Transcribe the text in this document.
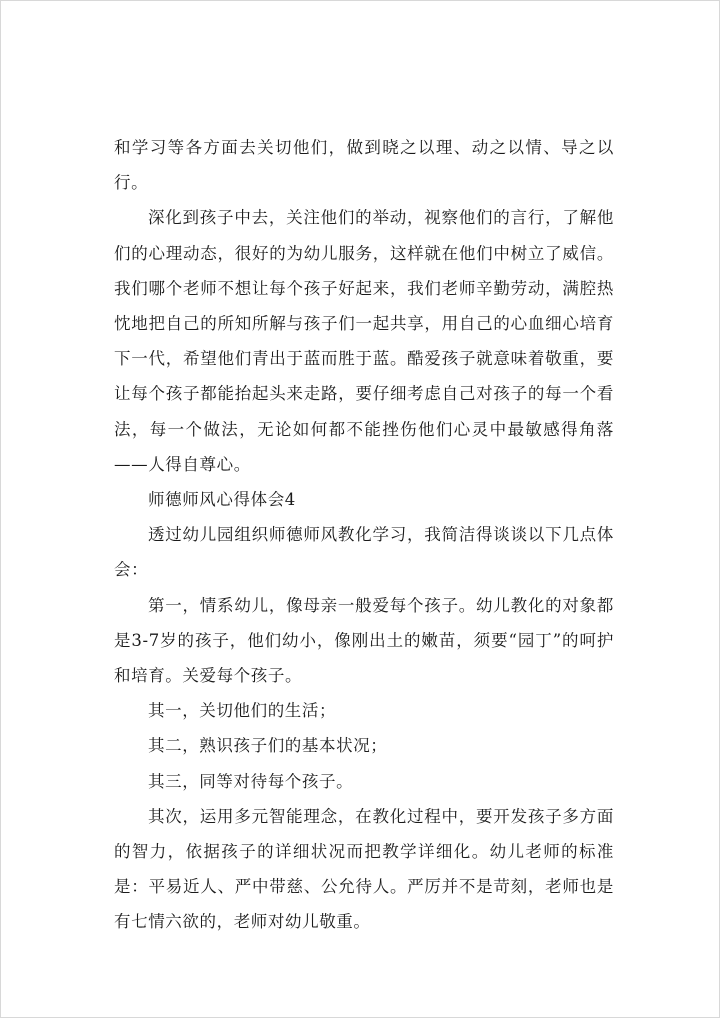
和学习等各方面去关切他们，做到晓之以理、动之以情、导之以行。

深化到孩子中去，关注他们的举动，视察他们的言行，了解他们的心理动态，很好的为幼儿服务，这样就在他们中树立了威信。我们哪个老师不想让每个孩子好起来，我们老师辛勤劳动，满腔热忱地把自己的所知所解与孩子们一起共享，用自己的心血细心培育下一代，希望他们青出于蓝而胜于蓝。酷爱孩子就意味着敬重，要让每个孩子都能抬起头来走路，要仔细考虑自己对孩子的每一个看法，每一个做法，无论如何都不能挫伤他们心灵中最敏感得角落——人得自尊心。

师德师风心得体会4

透过幼儿园组织师德师风教化学习，我简洁得谈谈以下几点体会：

第一，情系幼儿，像母亲一般爱每个孩子。幼儿教化的对象都是3-7岁的孩子，他们幼小，像刚出土的嫩苗，须要“园丁”的呵护和培育。关爱每个孩子。

其一，关切他们的生活；

其二，熟识孩子们的基本状况；

其三，同等对待每个孩子。

其次，运用多元智能理念，在教化过程中，要开发孩子多方面的智力，依据孩子的详细状况而把教学详细化。幼儿老师的标准是：平易近人、严中带慈、公允待人。严厉并不是苛刻，老师也是有七情六欲的，老师对幼儿敬重。
